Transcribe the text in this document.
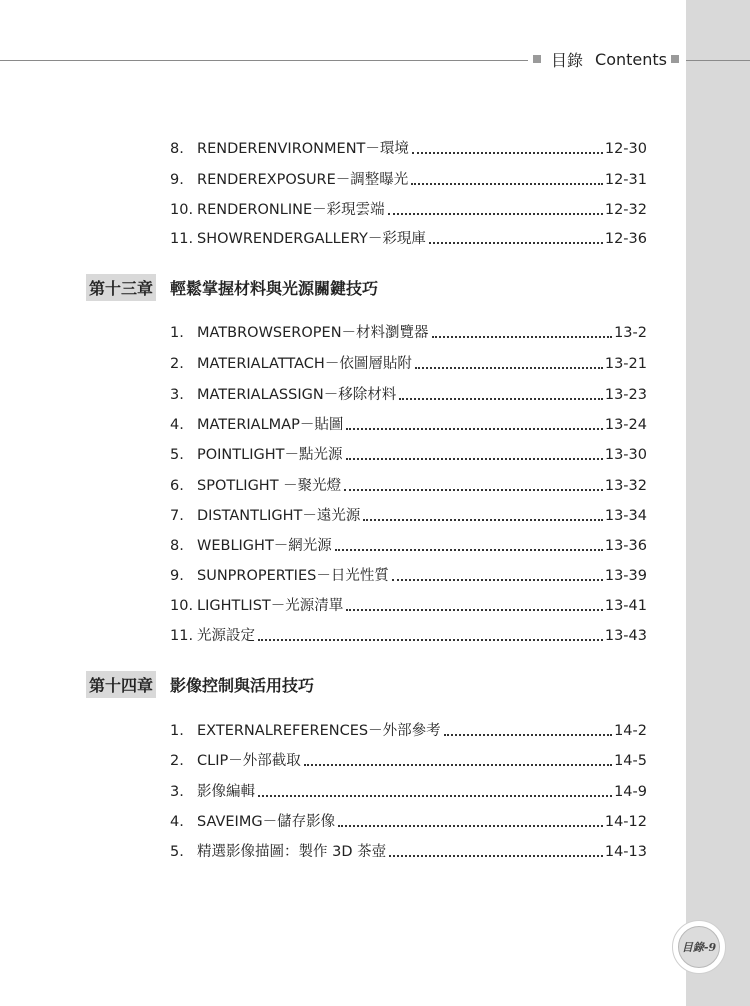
目錄 Contents
8. RENDERENVIRONMENT－環境	12-30
9. RENDEREXPOSURE－調整曝光	12-31
10. RENDERONLINE－彩現雲端	12-32
11. SHOWRENDERGALLERY－彩現庫	12-36
第十三章 輕鬆掌握材料與光源關鍵技巧
1. MATBROWSEROPEN－材料瀏覽器	13-2
2. MATERIALATTACH－依圖層貼附	13-21
3. MATERIALASSIGN－移除材料	13-23
4. MATERIALMAP－貼圖	13-24
5. POINTLIGHT－點光源	13-30
6. SPOTLIGHT －聚光燈	13-32
7. DISTANTLIGHT－遠光源	13-34
8. WEBLIGHT－網光源	13-36
9. SUNPROPERTIES－日光性質	13-39
10. LIGHTLIST－光源清單	13-41
11. 光源設定	13-43
第十四章 影像控制與活用技巧
1. EXTERNALREFERENCES－外部參考	14-2
2. CLIP－外部截取	14-5
3. 影像編輯	14-9
4. SAVEIMG－儲存影像	14-12
5. 精選影像描圖：製作 3D 茶壺	14-13
目錄-9
